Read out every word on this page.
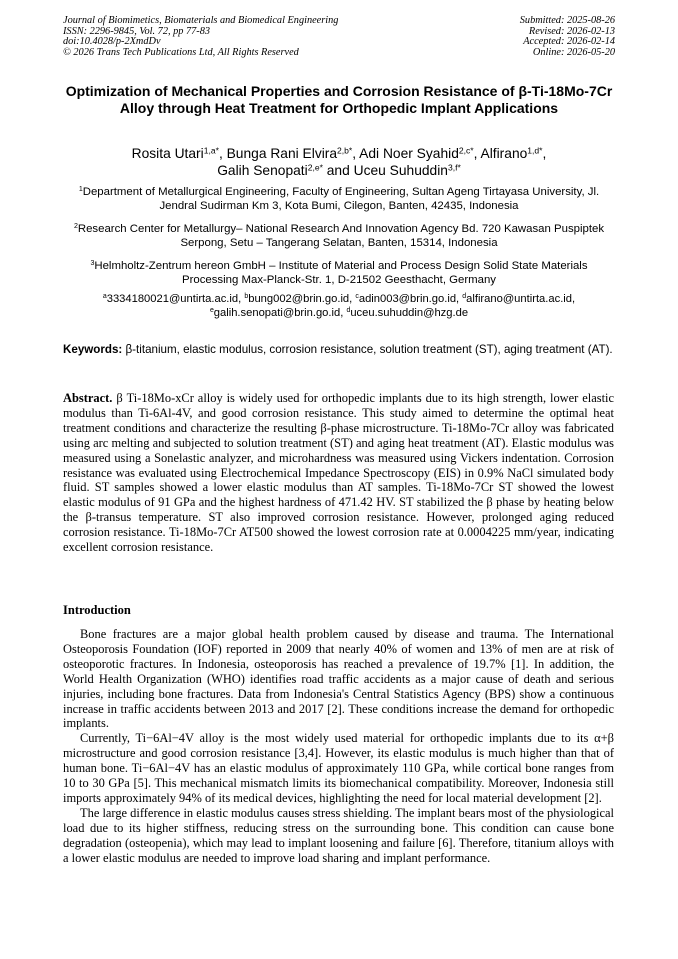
Journal of Biomimetics, Biomaterials and Biomedical Engineering
ISSN: 2296-9845, Vol. 72, pp 77-83
doi:10.4028/p-2XmdDv
© 2026 Trans Tech Publications Ltd, All Rights Reserved
Submitted: 2025-08-26
Revised: 2026-02-13
Accepted: 2026-02-14
Online: 2026-05-20
Optimization of Mechanical Properties and Corrosion Resistance of β-Ti-18Mo-7Cr Alloy through Heat Treatment for Orthopedic Implant Applications
Rosita Utari$^{1,a*}$, Bunga Rani Elvira$^{2,b*}$, Adi Noer Syahid$^{2,c*}$, Alfirano$^{1,d*}$,
Galih Senopati$^{2,e*}$ and Uceu Suhuddin$^{3,f*}$
$^1$Department of Metallurgical Engineering, Faculty of Engineering, Sultan Ageng Tirtayasa University, Jl. Jendral Sudirman Km 3, Kota Bumi, Cilegon, Banten, 42435, Indonesia
$^2$Research Center for Metallurgy– National Research And Innovation Agency Bd. 720 Kawasan Puspiptek Serpong, Setu – Tangerang Selatan, Banten, 15314, Indonesia
$^3$Helmholtz-Zentrum hereon GmbH – Institute of Material and Process Design Solid State Materials Processing Max-Planck-Str. 1, D-21502 Geesthacht, Germany
$^a$3334180021@untirta.ac.id, $^b$bung002@brin.go.id, $^c$adin003@brin.go.id, $^d$alfirano@untirta.ac.id,
$^e$galih.senopati@brin.go.id, $^d$uceu.suhuddin@hzg.de
Keywords: β-titanium, elastic modulus, corrosion resistance, solution treatment (ST), aging treatment (AT).
Abstract. β Ti-18Mo-xCr alloy is widely used for orthopedic implants due to its high strength, lower elastic modulus than Ti-6Al-4V, and good corrosion resistance. This study aimed to determine the optimal heat treatment conditions and characterize the resulting β-phase microstructure. Ti-18Mo-7Cr alloy was fabricated using arc melting and subjected to solution treatment (ST) and aging heat treatment (AT). Elastic modulus was measured using a Sonelastic analyzer, and microhardness was measured using Vickers indentation. Corrosion resistance was evaluated using Electrochemical Impedance Spectroscopy (EIS) in 0.9% NaCl simulated body fluid. ST samples showed a lower elastic modulus than AT samples. Ti-18Mo-7Cr ST showed the lowest elastic modulus of 91 GPa and the highest hardness of 471.42 HV. ST stabilized the β phase by heating below the β-transus temperature. ST also improved corrosion resistance. However, prolonged aging reduced corrosion resistance. Ti-18Mo-7Cr AT500 showed the lowest corrosion rate at 0.0004225 mm/year, indicating excellent corrosion resistance.
Introduction

Bone fractures are a major global health problem caused by disease and trauma. The International Osteoporosis Foundation (IOF) reported in 2009 that nearly 40% of women and 13% of men are at risk of osteoporotic fractures. In Indonesia, osteoporosis has reached a prevalence of 19.7% [1]. In addition, the World Health Organization (WHO) identifies road traffic accidents as a major cause of death and serious injuries, including bone fractures. Data from Indonesia's Central Statistics Agency (BPS) show a continuous increase in traffic accidents between 2013 and 2017 [2]. These conditions increase the demand for orthopedic implants.

Currently, Ti−6Al−4V alloy is the most widely used material for orthopedic implants due to its α+β microstructure and good corrosion resistance [3,4]. However, its elastic modulus is much higher than that of human bone. Ti−6Al−4V has an elastic modulus of approximately 110 GPa, while cortical bone ranges from 10 to 30 GPa [5]. This mechanical mismatch limits its biomechanical compatibility. Moreover, Indonesia still imports approximately 94% of its medical devices, highlighting the need for local material development [2].

The large difference in elastic modulus causes stress shielding. The implant bears most of the physiological load due to its higher stiffness, reducing stress on the surrounding bone. This condition can cause bone degradation (osteopenia), which may lead to implant loosening and failure [6]. Therefore, titanium alloys with a lower elastic modulus are needed to improve load sharing and implant performance.
